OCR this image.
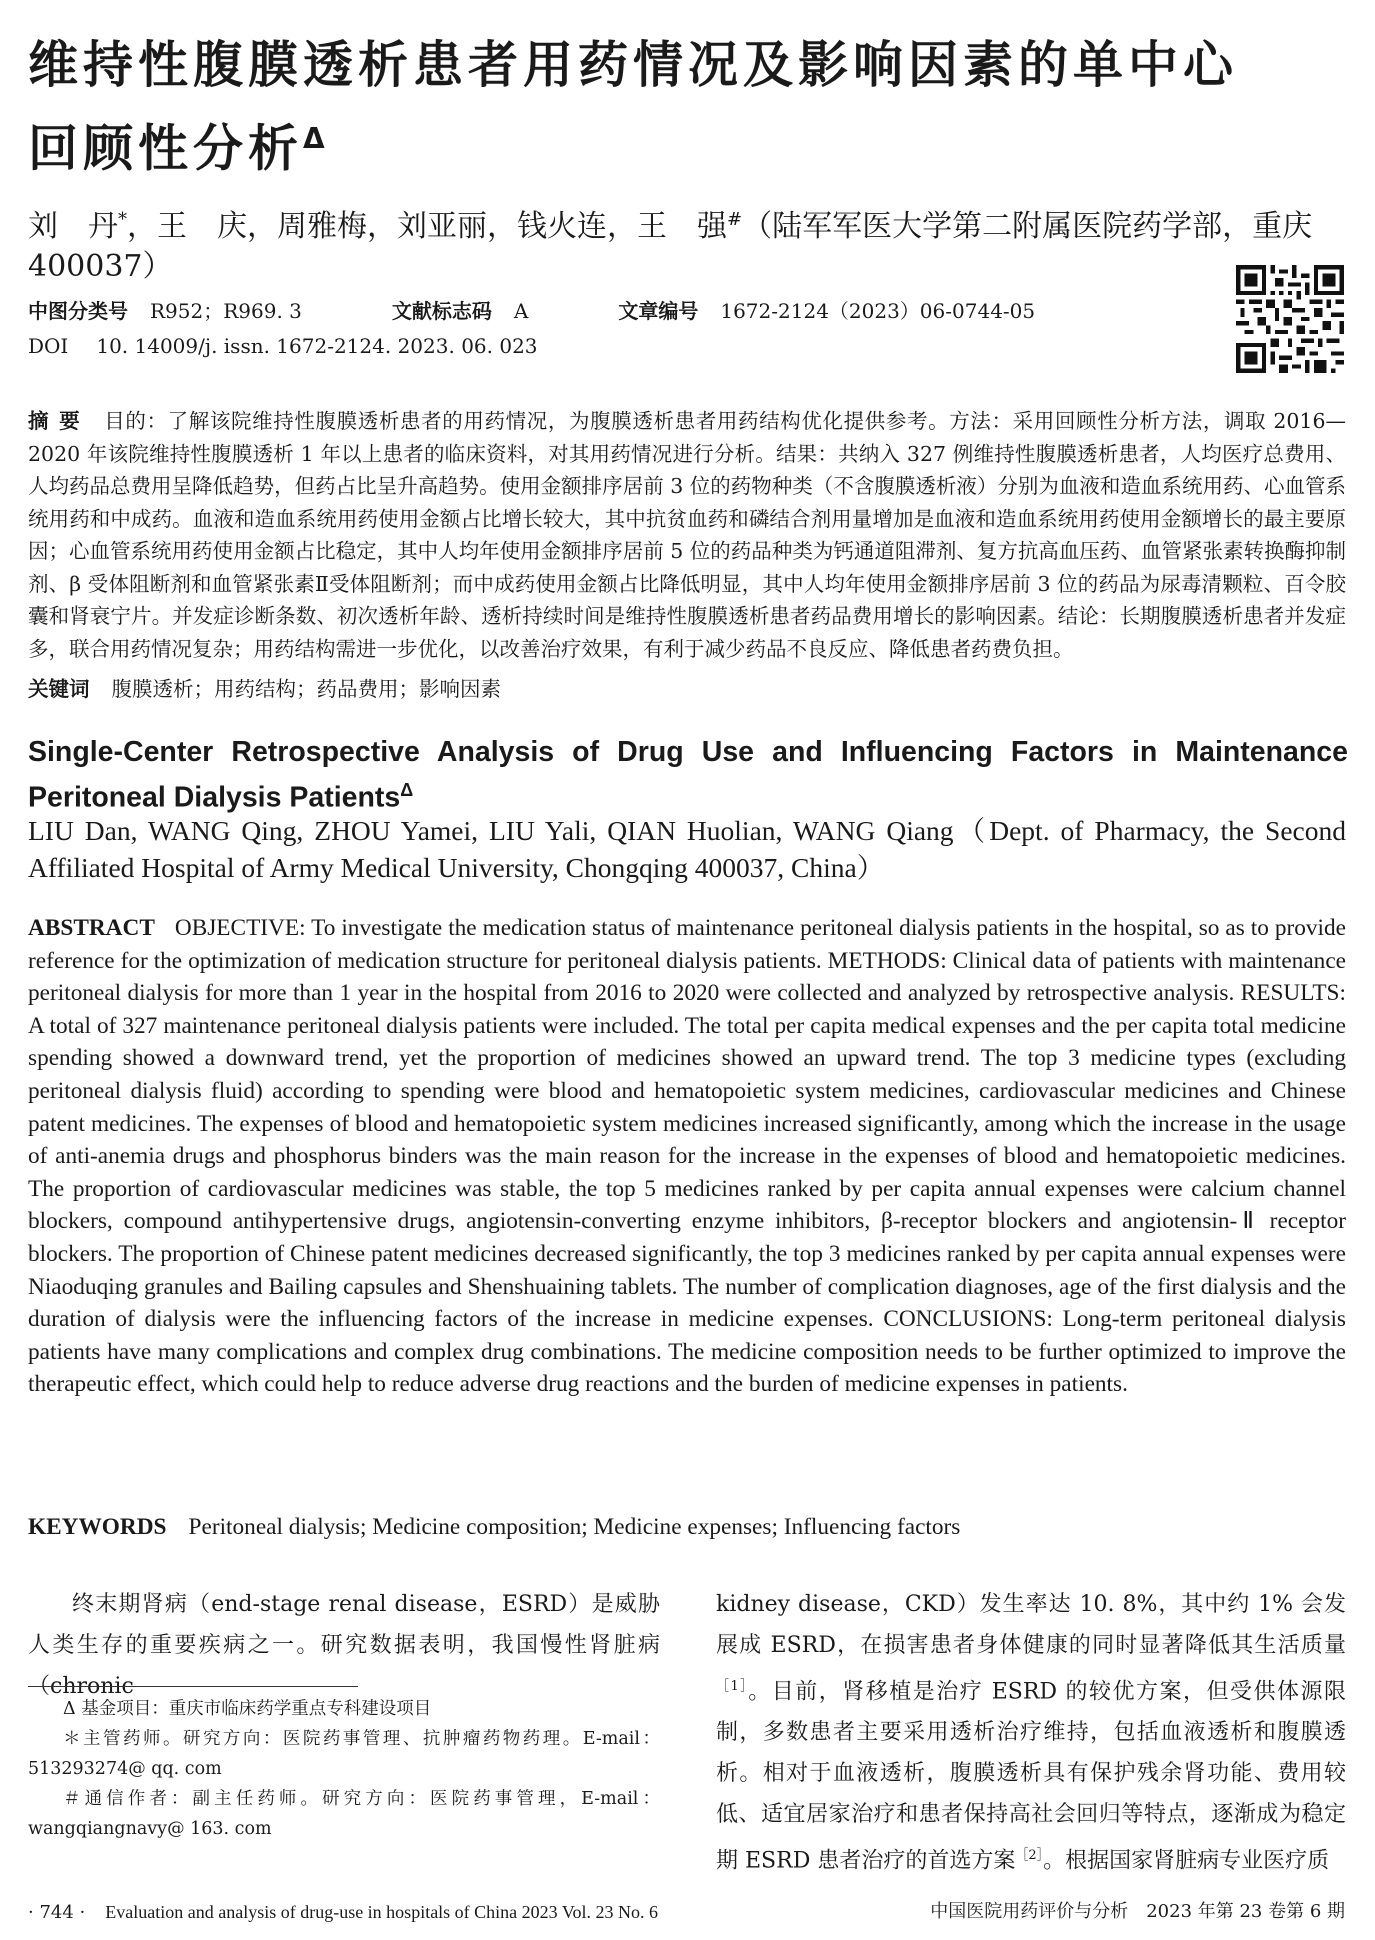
维持性腹膜透析患者用药情况及影响因素的单中心
回顾性分析$^\Delta$
刘　丹*，王　庆，周雅梅，刘亚丽，钱火连，王　强#（陆军军医大学第二附属医院药学部，重庆　400037）
中图分类号 R952；R969. 3	文献标志码 A	文章编号 1672-2124（2023）06-0744-05
DOI 10. 14009/j. issn. 1672-2124. 2023. 06. 023
摘要 目的：了解该院维持性腹膜透析患者的用药情况，为腹膜透析患者用药结构优化提供参考。方法：采用回顾性分析方法，调取 2016—2020 年该院维持性腹膜透析 1 年以上患者的临床资料，对其用药情况进行分析。结果：共纳入 327 例维持性腹膜透析患者，人均医疗总费用、人均药品总费用呈降低趋势，但药占比呈升高趋势。使用金额排序居前 3 位的药物种类（不含腹膜透析液）分别为血液和造血系统用药、心血管系统用药和中成药。血液和造血系统用药使用金额占比增长较大，其中抗贫血药和磷结合剂用量增加是血液和造血系统用药使用金额增长的最主要原因；心血管系统用药使用金额占比稳定，其中人均年使用金额排序居前 5 位的药品种类为钙通道阻滞剂、复方抗高血压药、血管紧张素转换酶抑制剂、β 受体阻断剂和血管紧张素Ⅱ受体阻断剂；而中成药使用金额占比降低明显，其中人均年使用金额排序居前 3 位的药品为尿毒清颗粒、百令胶囊和肾衰宁片。并发症诊断条数、初次透析年龄、透析持续时间是维持性腹膜透析患者药品费用增长的影响因素。结论：长期腹膜透析患者并发症多，联合用药情况复杂；用药结构需进一步优化，以改善治疗效果，有利于减少药品不良反应、降低患者药费负担。
关键词 腹膜透析；用药结构；药品费用；影响因素
Single-Center Retrospective Analysis of Drug Use and Influencing Factors in Maintenance Peritoneal Dialysis Patients$^\Delta$
LIU Dan, WANG Qing, ZHOU Yamei, LIU Yali, QIAN Huolian, WANG Qiang（Dept. of Pharmacy, the Second Affiliated Hospital of Army Medical University, Chongqing 400037, China）
ABSTRACT OBJECTIVE: To investigate the medication status of maintenance peritoneal dialysis patients in the hospital, so as to provide reference for the optimization of medication structure for peritoneal dialysis patients. METHODS: Clinical data of patients with maintenance peritoneal dialysis for more than 1 year in the hospital from 2016 to 2020 were collected and analyzed by retrospective analysis. RESULTS: A total of 327 maintenance peritoneal dialysis patients were included. The total per capita medical expenses and the per capita total medicine spending showed a downward trend, yet the proportion of medicines showed an upward trend. The top 3 medicine types (excluding peritoneal dialysis fluid) according to spending were blood and hematopoietic system medicines, cardiovascular medicines and Chinese patent medicines. The expenses of blood and hematopoietic system medicines increased significantly, among which the increase in the usage of anti-anemia drugs and phosphorus binders was the main reason for the increase in the expenses of blood and hematopoietic medicines. The proportion of cardiovascular medicines was stable, the top 5 medicines ranked by per capita annual expenses were calcium channel blockers, compound antihypertensive drugs, angiotensin-converting enzyme inhibitors, β-receptor blockers and angiotensin-Ⅱ receptor blockers. The proportion of Chinese patent medicines decreased significantly, the top 3 medicines ranked by per capita annual expenses were Niaoduqing granules and Bailing capsules and Shenshuaining tablets. The number of complication diagnoses, age of the first dialysis and the duration of dialysis were the influencing factors of the increase in medicine expenses. CONCLUSIONS: Long-term peritoneal dialysis patients have many complications and complex drug combinations. The medicine composition needs to be further optimized to improve the therapeutic effect, which could help to reduce adverse drug reactions and the burden of medicine expenses in patients.
KEYWORDS Peritoneal dialysis; Medicine composition; Medicine expenses; Influencing factors
终末期肾病（end-stage renal disease，ESRD）是威胁人类生存的重要疾病之一。研究数据表明，我国慢性肾脏病（chronic
kidney disease，CKD）发生率达 10. 8%，其中约 1% 会发展成 ESRD，在损害患者身体健康的同时显著降低其生活质量$^{[1]}$。目前，肾移植是治疗 ESRD 的较优方案，但受供体源限制，多数患者主要采用透析治疗维持，包括血液透析和腹膜透析。相对于血液透析，腹膜透析具有保护残余肾功能、费用较低、适宜居家治疗和患者保持高社会回归等特点，逐渐成为稳定期 ESRD 患者治疗的首选方案$^{[2]}$。根据国家肾脏病专业医疗质

Δ 基金项目：重庆市临床药学重点专科建设项目

＊主管药师。研究方向：医院药事管理、抗肿瘤药物药理。E-mail：513293274@ qq. com

＃通信作者：副主任药师。研究方向：医院药事管理，E-mail：wangqiangnavy@ 163. com

· 744 · Evaluation and analysis of drug-use in hospitals of China 2023 Vol. 23 No. 6	中国医院用药评价与分析　2023 年第 23 卷第 6 期
